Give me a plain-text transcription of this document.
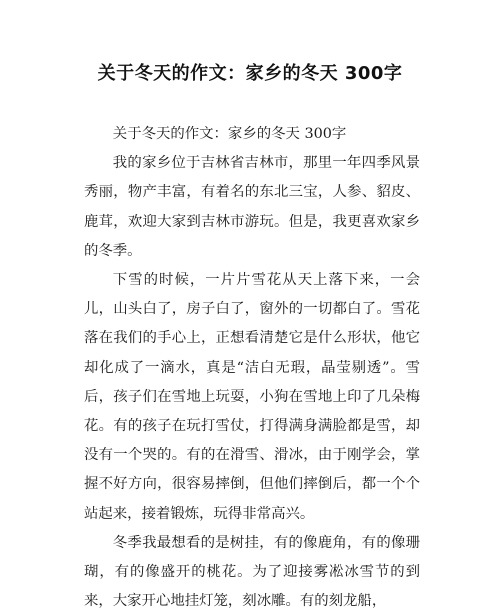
关于冬天的作文：家乡的冬天 300字

关于冬天的作文：家乡的冬天 300字

我的家乡位于吉林省吉林市，那里一年四季风景秀丽，物产丰富，有着名的东北三宝，人参、貂皮、鹿茸，欢迎大家到吉林市游玩。但是，我更喜欢家乡的冬季。

下雪的时候，一片片雪花从天上落下来，一会儿，山头白了，房子白了，窗外的一切都白了。雪花落在我们的手心上，正想看清楚它是什么形状，他它却化成了一滴水，真是“洁白无瑕，晶莹剔透”。雪后，孩子们在雪地上玩耍，小狗在雪地上印了几朵梅花。有的孩子在玩打雪仗，打得满身满脸都是雪，却没有一个哭的。有的在滑雪、滑冰，由于刚学会，掌握不好方向，很容易摔倒，但他们摔倒后，都一个个站起来，接着锻炼，玩得非常高兴。

冬季我最想看的是树挂，有的像鹿角，有的像珊瑚，有的像盛开的桃花。为了迎接雾凇冰雪节的到来，大家开心地挂灯笼，刻冰雕。有的刻龙船，
